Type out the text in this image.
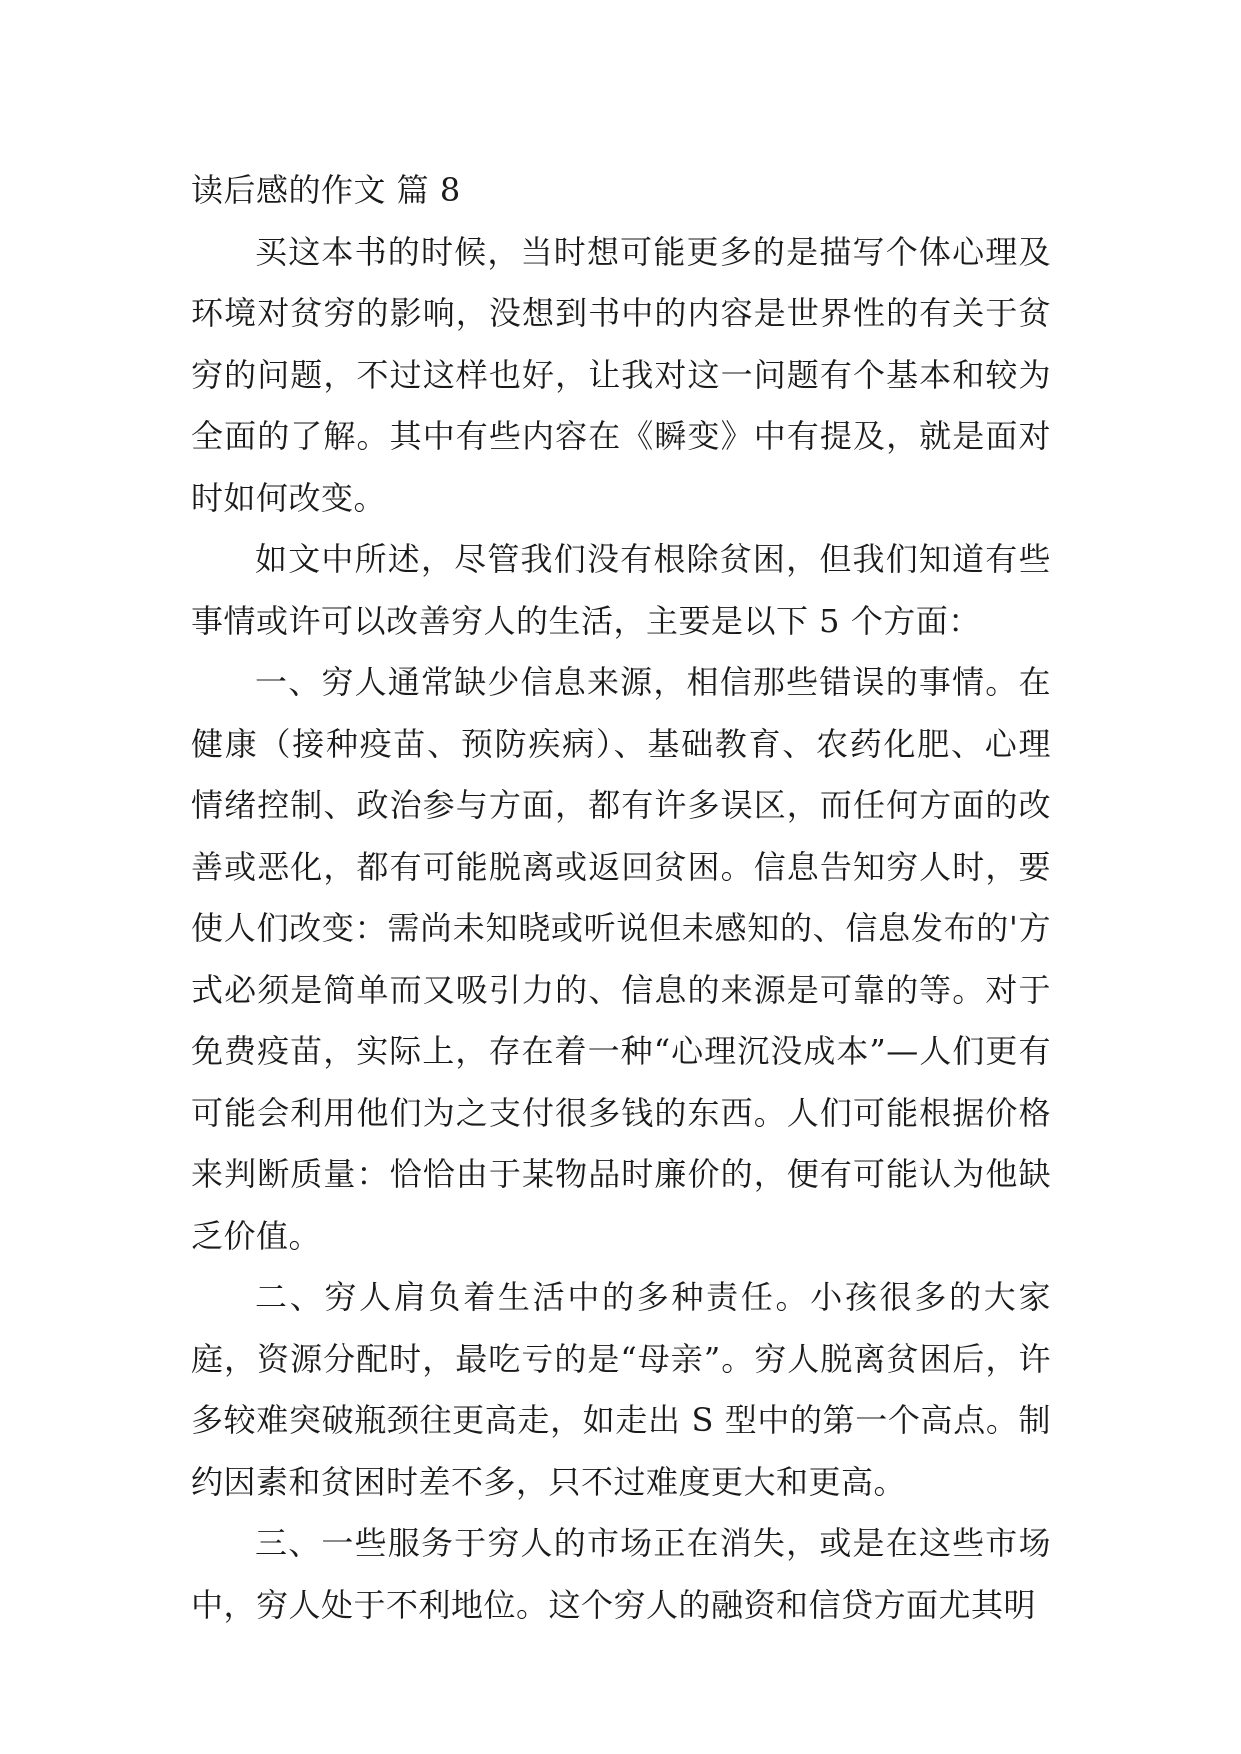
读后感的作文 篇 8

买这本书的时候，当时想可能更多的是描写个体心理及环境对贫穷的影响，没想到书中的内容是世界性的有关于贫穷的问题，不过这样也好，让我对这一问题有个基本和较为全面的了解。其中有些内容在《瞬变》中有提及，就是面对时如何改变。

如文中所述，尽管我们没有根除贫困，但我们知道有些事情或许可以改善穷人的生活，主要是以下 5 个方面：

一、穷人通常缺少信息来源，相信那些错误的事情。在健康（接种疫苗、预防疾病）、基础教育、农药化肥、心理情绪控制、政治参与方面，都有许多误区，而任何方面的改善或恶化，都有可能脱离或返回贫困。信息告知穷人时，要使人们改变：需尚未知晓或听说但未感知的、信息发布的'方式必须是简单而又吸引力的、信息的来源是可靠的等。对于免费疫苗，实际上，存在着一种“心理沉没成本”—人们更有可能会利用他们为之支付很多钱的东西。人们可能根据价格来判断质量：恰恰由于某物品时廉价的，便有可能认为他缺乏价值。

二、穷人肩负着生活中的多种责任。小孩很多的大家庭，资源分配时，最吃亏的是“母亲”。穷人脱离贫困后，许多较难突破瓶颈往更高走，如走出 S 型中的第一个高点。制约因素和贫困时差不多，只不过难度更大和更高。

三、一些服务于穷人的市场正在消失，或是在这些市场中，穷人处于不利地位。这个穷人的融资和信贷方面尤其明
